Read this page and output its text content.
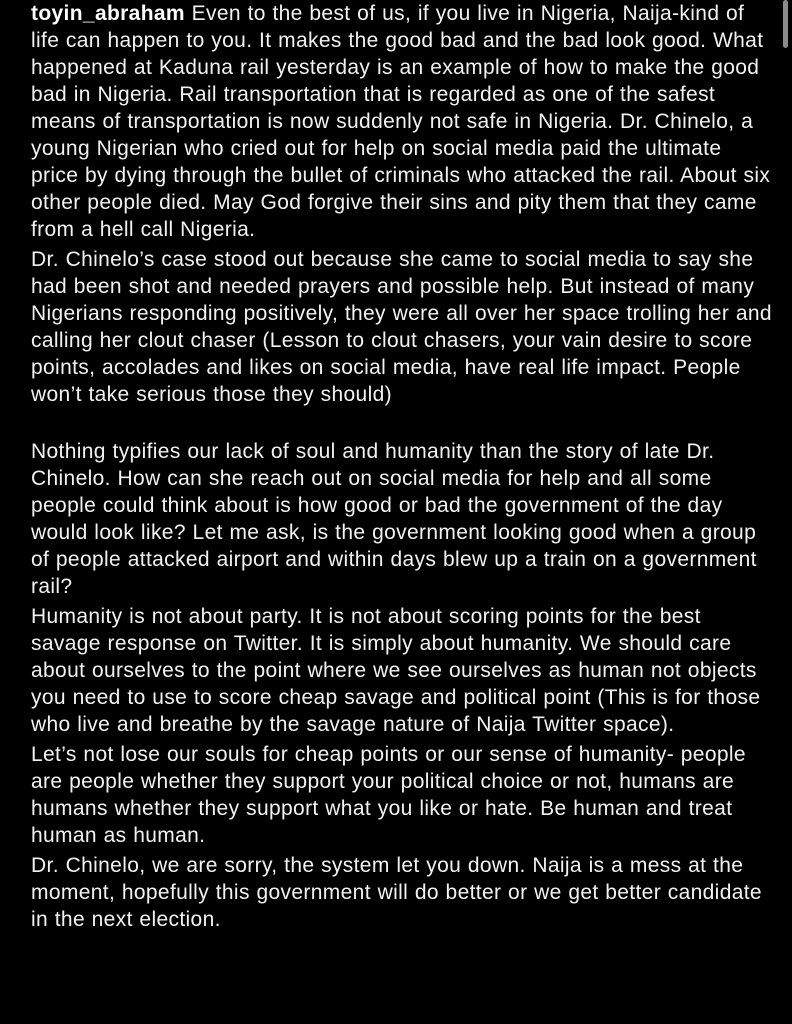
toyin_abraham Even to the best of us, if you live in Nigeria, Naija-kind of life can happen to you. It makes the good bad and the bad look good. What happened at Kaduna rail yesterday is an example of how to make the good bad in Nigeria. Rail transportation that is regarded as one of the safest means of transportation is now suddenly not safe in Nigeria. Dr. Chinelo, a young Nigerian who cried out for help on social media paid the ultimate price by dying through the bullet of criminals who attacked the rail. About six other people died. May God forgive their sins and pity them that they came from a hell call Nigeria.

Dr. Chinelo’s case stood out because she came to social media to say she had been shot and needed prayers and possible help. But instead of many Nigerians responding positively, they were all over her space trolling her and calling her clout chaser (Lesson to clout chasers, your vain desire to score points, accolades and likes on social media, have real life impact. People won’t take serious those they should)

Nothing typifies our lack of soul and humanity than the story of late Dr. Chinelo. How can she reach out on social media for help and all some people could think about is how good or bad the government of the day would look like? Let me ask, is the government looking good when a group of people attacked airport and within days blew up a train on a government rail?

Humanity is not about party. It is not about scoring points for the best savage response on Twitter. It is simply about humanity. We should care about ourselves to the point where we see ourselves as human not objects you need to use to score cheap savage and political point (This is for those who live and breathe by the savage nature of Naija Twitter space).

Let’s not lose our souls for cheap points or our sense of humanity- people are people whether they support your political choice or not, humans are humans whether they support what you like or hate. Be human and treat human as human.

Dr. Chinelo, we are sorry, the system let you down. Naija is a mess at the moment, hopefully this government will do better or we get better candidate in the next election.
